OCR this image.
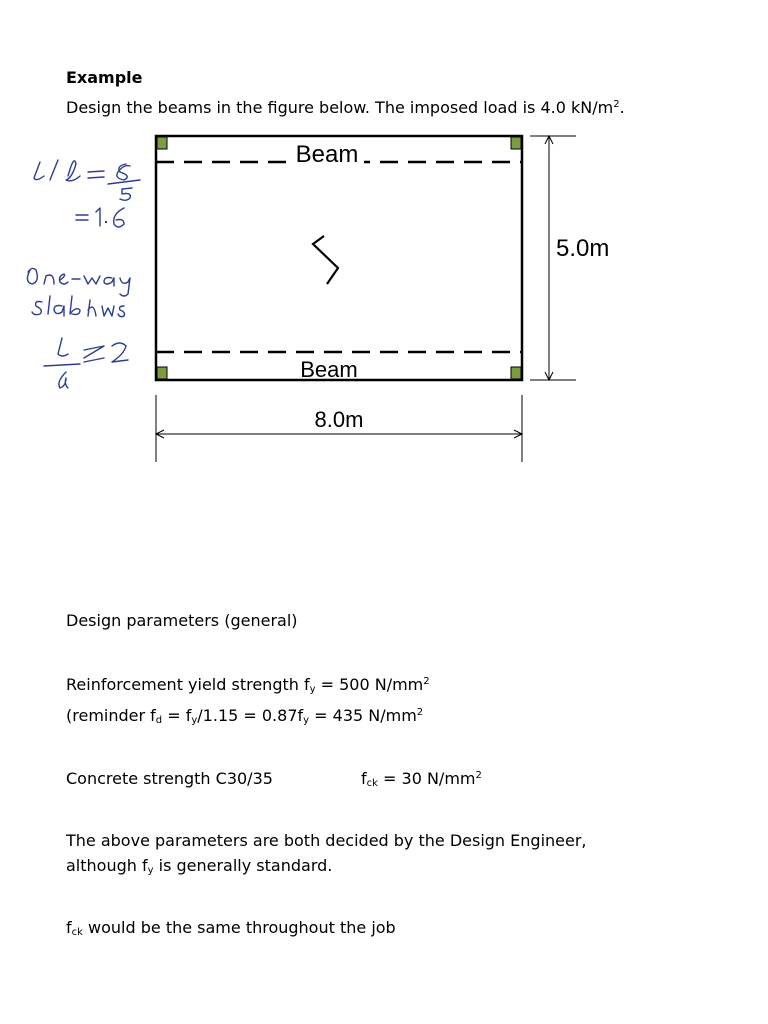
Example
Design the beams in the figure below. The imposed load is 4.0 $kN/m^2$.
Beam
Beam
8.0m
5.0m
L/ℓ = 8/5 = 1.6 One-way slab has L/ℓ ≥ 2
Design parameters (general)
Reinforcement yield strength $f_y = 500$ $N/mm^2$
(reminder $f_d = f_y/1.15 = 0.87f_y = 435$ $N/mm^2$
Concrete strength C30/35	$f_{ck} = 30$ $N/mm^2$
The above parameters are both decided by the Design Engineer,
although $f_y$ is generally standard.
$f_{ck}$ would be the same throughout the job
